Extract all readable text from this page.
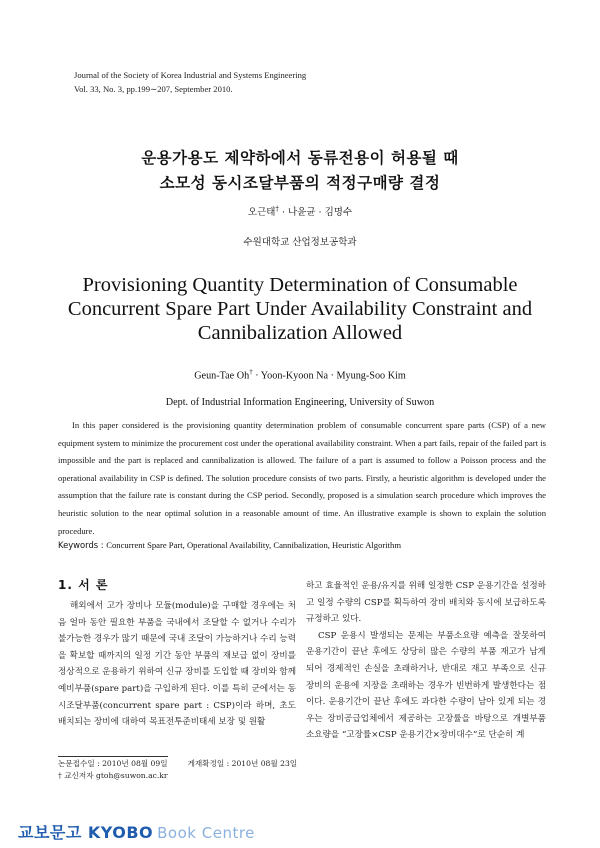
Journal of the Society of Korea Industrial and Systems Engineering
Vol. 33, No. 3, pp.199∼207, September 2010.
운용가용도 제약하에서 동류전용이 허용될 때
소모성 동시조달부품의 적정구매량 결정
오근태† · 나윤균 · 김명수
수원대학교 산업정보공학과
Provisioning Quantity Determination of Consumable
Concurrent Spare Part Under Availability Constraint and
Cannibalization Allowed
Geun-Tae Oh† · Yoon-Kyoon Na · Myung-Soo Kim
Dept. of Industrial Information Engineering, University of Suwon
In this paper considered is the provisioning quantity determination problem of consumable concurrent spare parts (CSP) of a new equipment system to minimize the procurement cost under the operational availability constraint. When a part fails, repair of the failed part is impossible and the part is replaced and cannibalization is allowed. The failure of a part is assumed to follow a Poisson process and the operational availability in CSP is defined. The solution procedure consists of two parts. Firstly, a heuristic algorithm is developed under the assumption that the failure rate is constant during the CSP period. Secondly, proposed is a simulation search procedure which improves the heuristic solution to the near optimal solution in a reasonable amount of time. An illustrative example is shown to explain the solution procedure.
Keywords : Concurrent Spare Part, Operational Availability, Cannibalization, Heuristic Algorithm
1. 서 론
해외에서 고가 장비나 모듈(module)을 구매할 경우에는 처음 얼마 동안 필요한 부품을 국내에서 조달할 수 없거나 수리가 불가능한 경우가 많기 때문에 국내 조달이 가능하거나 수리 능력을 확보할 때까지의 일정 기간 동안 부품의 재보급 없이 장비를 정상적으로 운용하기 위하여 신규 장비를 도입할 때 장비와 함께 예비부품(spare part)을 구입하게 된다. 이를 특히 군에서는 동시조달부품(concurrent spare part : CSP)이라 하며, 초도 배치되는 장비에 대하여 목표전투준비태세 보장 및 원활

하고 효율적인 운용/유지를 위해 일정한 CSP 운용기간을 설정하고 일정 수량의 CSP를 획득하여 장비 배치와 동시에 보급하도록 규정하고 있다.

CSP 운용시 발생되는 문제는 부품소요량 예측을 잘못하여 운용기간이 끝난 후에도 상당히 많은 수량의 부품 재고가 남게 되어 경제적인 손실을 초래하거나, 반대로 재고 부족으로 신규 장비의 운용에 지장을 초래하는 경우가 빈번하게 발생한다는 점이다. 운용기간이 끝난 후에도 과다한 수량이 남아 있게 되는 경우는 장비공급업체에서 제공하는 고장률을 바탕으로 개별부품 소요량을 “고장률×CSP 운용기간×장비대수”로 단순히 계

논문접수일 : 2010년 08월 09일	게재확정일 : 2010년 08월 23일
† 교신저자 gtoh@suwon.ac.kr
교보문고 KYOBO Book Centre
